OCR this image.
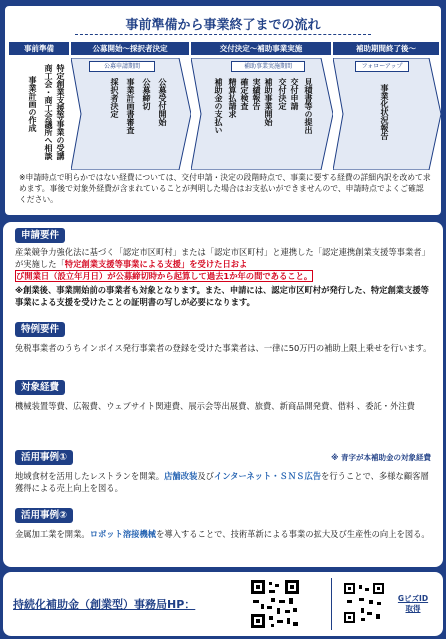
事前準備から事業終了までの流れ
事前準備	公募開始～採択者決定	交付決定～補助事業実施	補助期間終了後～
特定創業支援等事業の受講
商工会・商工会議所へ相談
事業計画の作成
公募申請期間
公募受付開始
公募締切
事業計画書審査
採択者決定
補助事業実施期間
見積書等の提出
交付申請
交付決定
補助事業開始
実績報告
確定検査
精算払請求
補助金の支払い
フォローアップ
事業化状況報告
※申請時点で明らかではない経費については、交付申請・決定の段階時点で、事業に要する経費の詳細内訳を改めて求めます。事後で対象外経費が含まれていることが判明した場合はお支払いができませんので、申請時点でよくご確認ください。
申請要件
産業競争力強化法に基づく「認定市区町村」または「認定市区町村」と連携した「認定連携創業支援等事業者」が実施した「特定創業支援等事業による支援」を受けた日およ
び開業日（設立年月日）が公募締切時から起算して過去1か年の間であること。
※創業後、事業開始前の事業者も対象となります。また、申請には、認定市区町村が発行した、特定創業支援等事業による支援を受けたことの証明書の写しが必要になります。
特例要件
免税事業者のうちインボイス発行事業者の登録を受けた事業者は、一律に50万円の補助上限上乗せを行います。
対象経費
機械装置等費、広報費、ウェブサイト関連費、展示会等出展費、旅費、新商品開発費、借料 、委託・外注費
活用事例①	※ 青字が本補助金の対象経費
地域食材を活用したレストランを開業。店舗改装及びインターネット・ＳＮＳ広告を行うことで、多様な顧客層獲得による売上向上を図る。
活用事例②
金属加工業を開業。ロボット溶接機械を導入することで、技術革新による事業の拡大及び生産性の向上を図る。
持続化補助金（創業型）事務局HP：	GビズID
取得
